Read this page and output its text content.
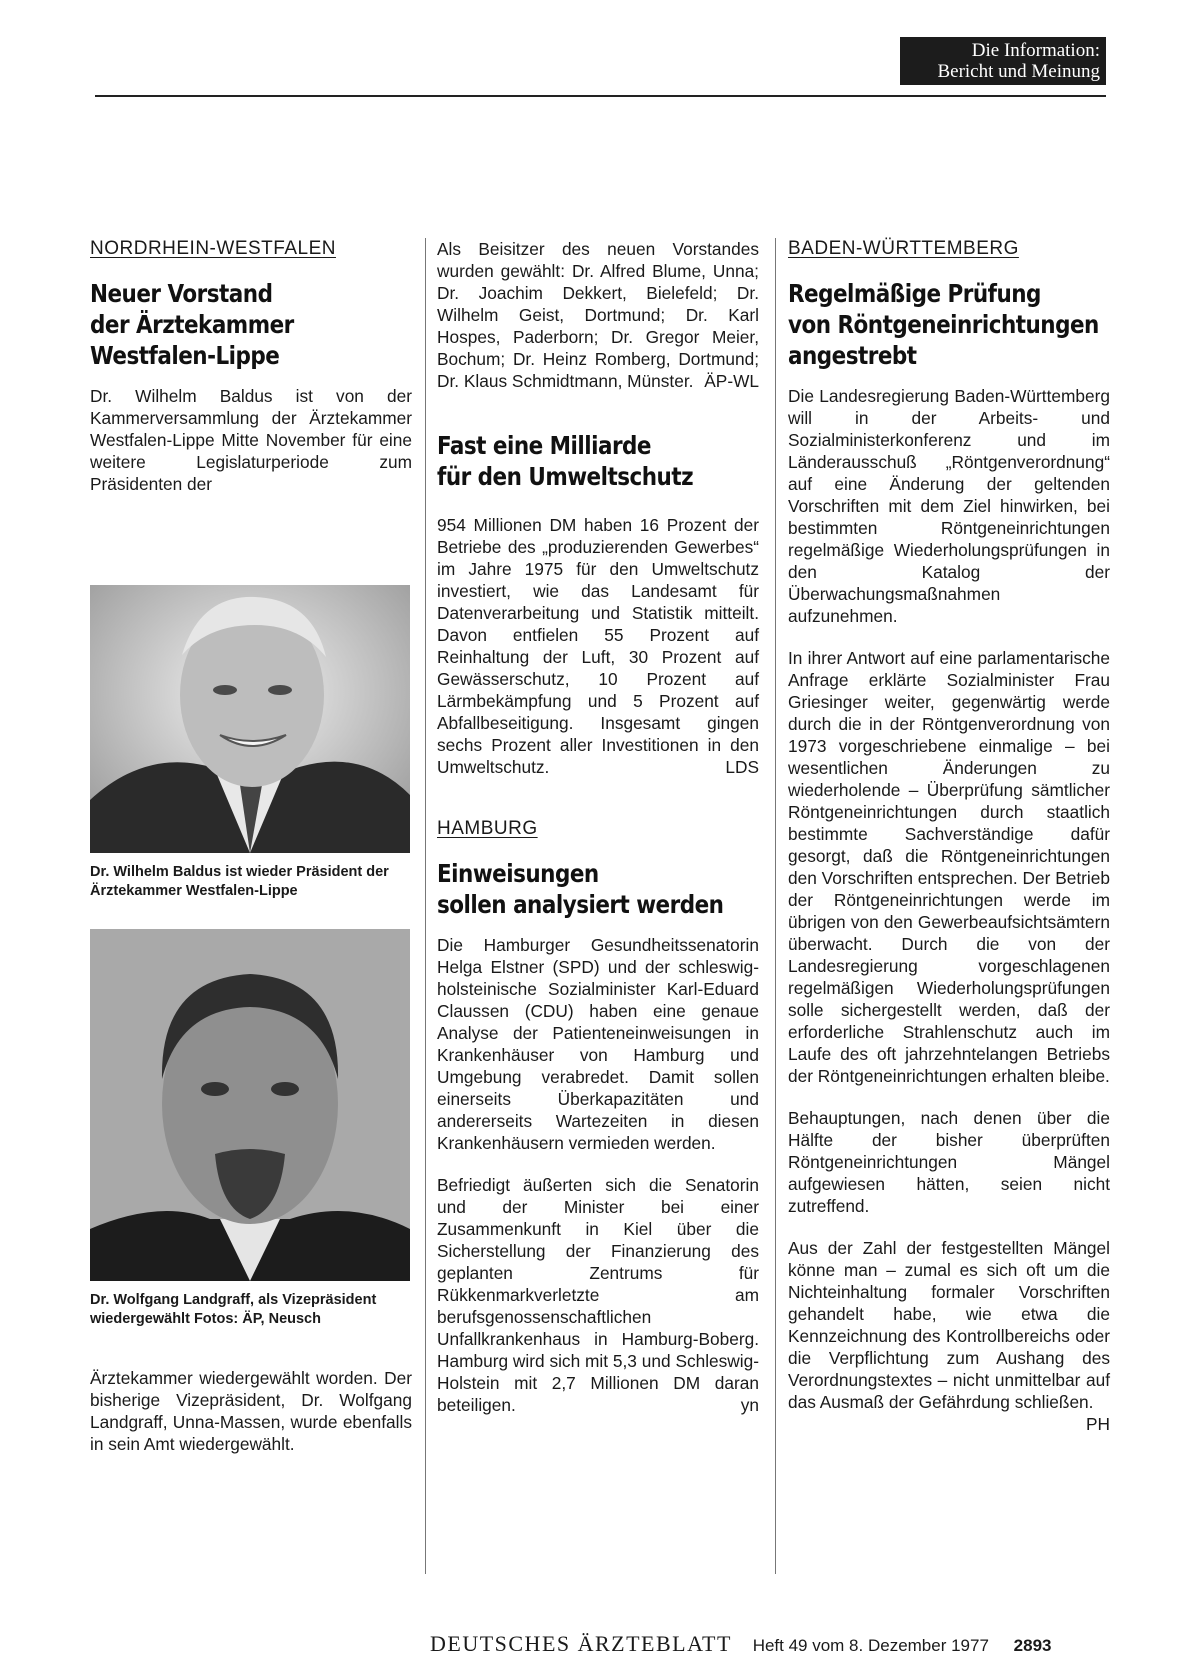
Die Information:
Bericht und Meinung
NORDRHEIN-WESTFALEN
Neuer Vorstand
der Ärztekammer
Westfalen-Lippe

Dr. Wilhelm Baldus ist von der Kammerversammlung der Ärztekammer Westfalen-Lippe Mitte November für eine weitere Legislaturperiode zum Präsidenten der

Dr. Wilhelm Baldus ist wieder Präsident der Ärztekammer Westfalen-Lippe
Dr. Wolfgang Landgraff, als Vizepräsident wiedergewählt Fotos: ÄP, Neusch

Ärztekammer wiedergewählt worden. Der bisherige Vizepräsident, Dr. Wolfgang Landgraff, Unna-Massen, wurde ebenfalls in sein Amt wiedergewählt.

Als Beisitzer des neuen Vorstandes wurden gewählt: Dr. Alfred Blume, Unna; Dr. Joachim Dekkert, Bielefeld; Dr. Wilhelm Geist, Dortmund; Dr. Karl Hospes, Paderborn; Dr. Gregor Meier, Bochum; Dr. Heinz Romberg, Dortmund; Dr. Klaus Schmidtmann, Münster. ÄP-WL

Fast eine Milliarde
für den Umweltschutz

954 Millionen DM haben 16 Prozent der Betriebe des „produzierenden Gewerbes“ im Jahre 1975 für den Umweltschutz investiert, wie das Landesamt für Datenverarbeitung und Statistik mitteilt. Davon entfielen 55 Prozent auf Reinhaltung der Luft, 30 Prozent auf Gewässerschutz, 10 Prozent auf Lärmbekämpfung und 5 Prozent auf Abfallbeseitigung. Insgesamt gingen sechs Prozent aller Investitionen in den Umweltschutz.	LDS

HAMBURG
Einweisungen
sollen analysiert werden

Die Hamburger Gesundheitssenatorin Helga Elstner (SPD) und der schleswig-holsteinische Sozialminister Karl-Eduard Claussen (CDU) haben eine genaue Analyse der Patienteneinweisungen in Krankenhäuser von Hamburg und Umgebung verabredet. Damit sollen einerseits Überkapazitäten und andererseits Wartezeiten in diesen Krankenhäusern vermieden werden.

Befriedigt äußerten sich die Senatorin und der Minister bei einer Zusammenkunft in Kiel über die Sicherstellung der Finanzierung des geplanten Zentrums für Rükkenmarkverletzte am berufsgenossenschaftlichen Unfallkrankenhaus in Hamburg-Boberg. Hamburg wird sich mit 5,3 und Schleswig-Holstein mit 2,7 Millionen DM daran beteiligen.	yn

BADEN-WÜRTTEMBERG
Regelmäßige Prüfung
von Röntgeneinrichtungen
angestrebt

Die Landesregierung Baden-Württemberg will in der Arbeits- und Sozialministerkonferenz und im Länderausschuß „Röntgenverordnung“ auf eine Änderung der geltenden Vorschriften mit dem Ziel hinwirken, bei bestimmten Röntgeneinrichtungen regelmäßige Wiederholungsprüfungen in den Katalog der Überwachungsmaßnahmen aufzunehmen.

In ihrer Antwort auf eine parlamentarische Anfrage erklärte Sozialminister Frau Griesinger weiter, gegenwärtig werde durch die in der Röntgenverordnung von 1973 vorgeschriebene einmalige – bei wesentlichen Änderungen zu wiederholende – Überprüfung sämtlicher Röntgeneinrichtungen durch staatlich bestimmte Sachverständige dafür gesorgt, daß die Röntgeneinrichtungen den Vorschriften entsprechen. Der Betrieb der Röntgeneinrichtungen werde im übrigen von den Gewerbeaufsichtsämtern überwacht. Durch die von der Landesregierung vorgeschlagenen regelmäßigen Wiederholungsprüfungen solle sichergestellt werden, daß der erforderliche Strahlenschutz auch im Laufe des oft jahrzehntelangen Betriebs der Röntgeneinrichtungen erhalten bleibe.

Behauptungen, nach denen über die Hälfte der bisher überprüften Röntgeneinrichtungen Mängel aufgewiesen hätten, seien nicht zutreffend.

Aus der Zahl der festgestellten Mängel könne man – zumal es sich oft um die Nichteinhaltung formaler Vorschriften gehandelt habe, wie etwa die Kennzeichnung des Kontrollbereichs oder die Verpflichtung zum Aushang des Verordnungstextes – nicht unmittelbar auf das Ausmaß der Gefährdung schließen.
PH

DEUTSCHES ÄRZTEBLATT Heft 49 vom 8. Dezember 1977 2893
